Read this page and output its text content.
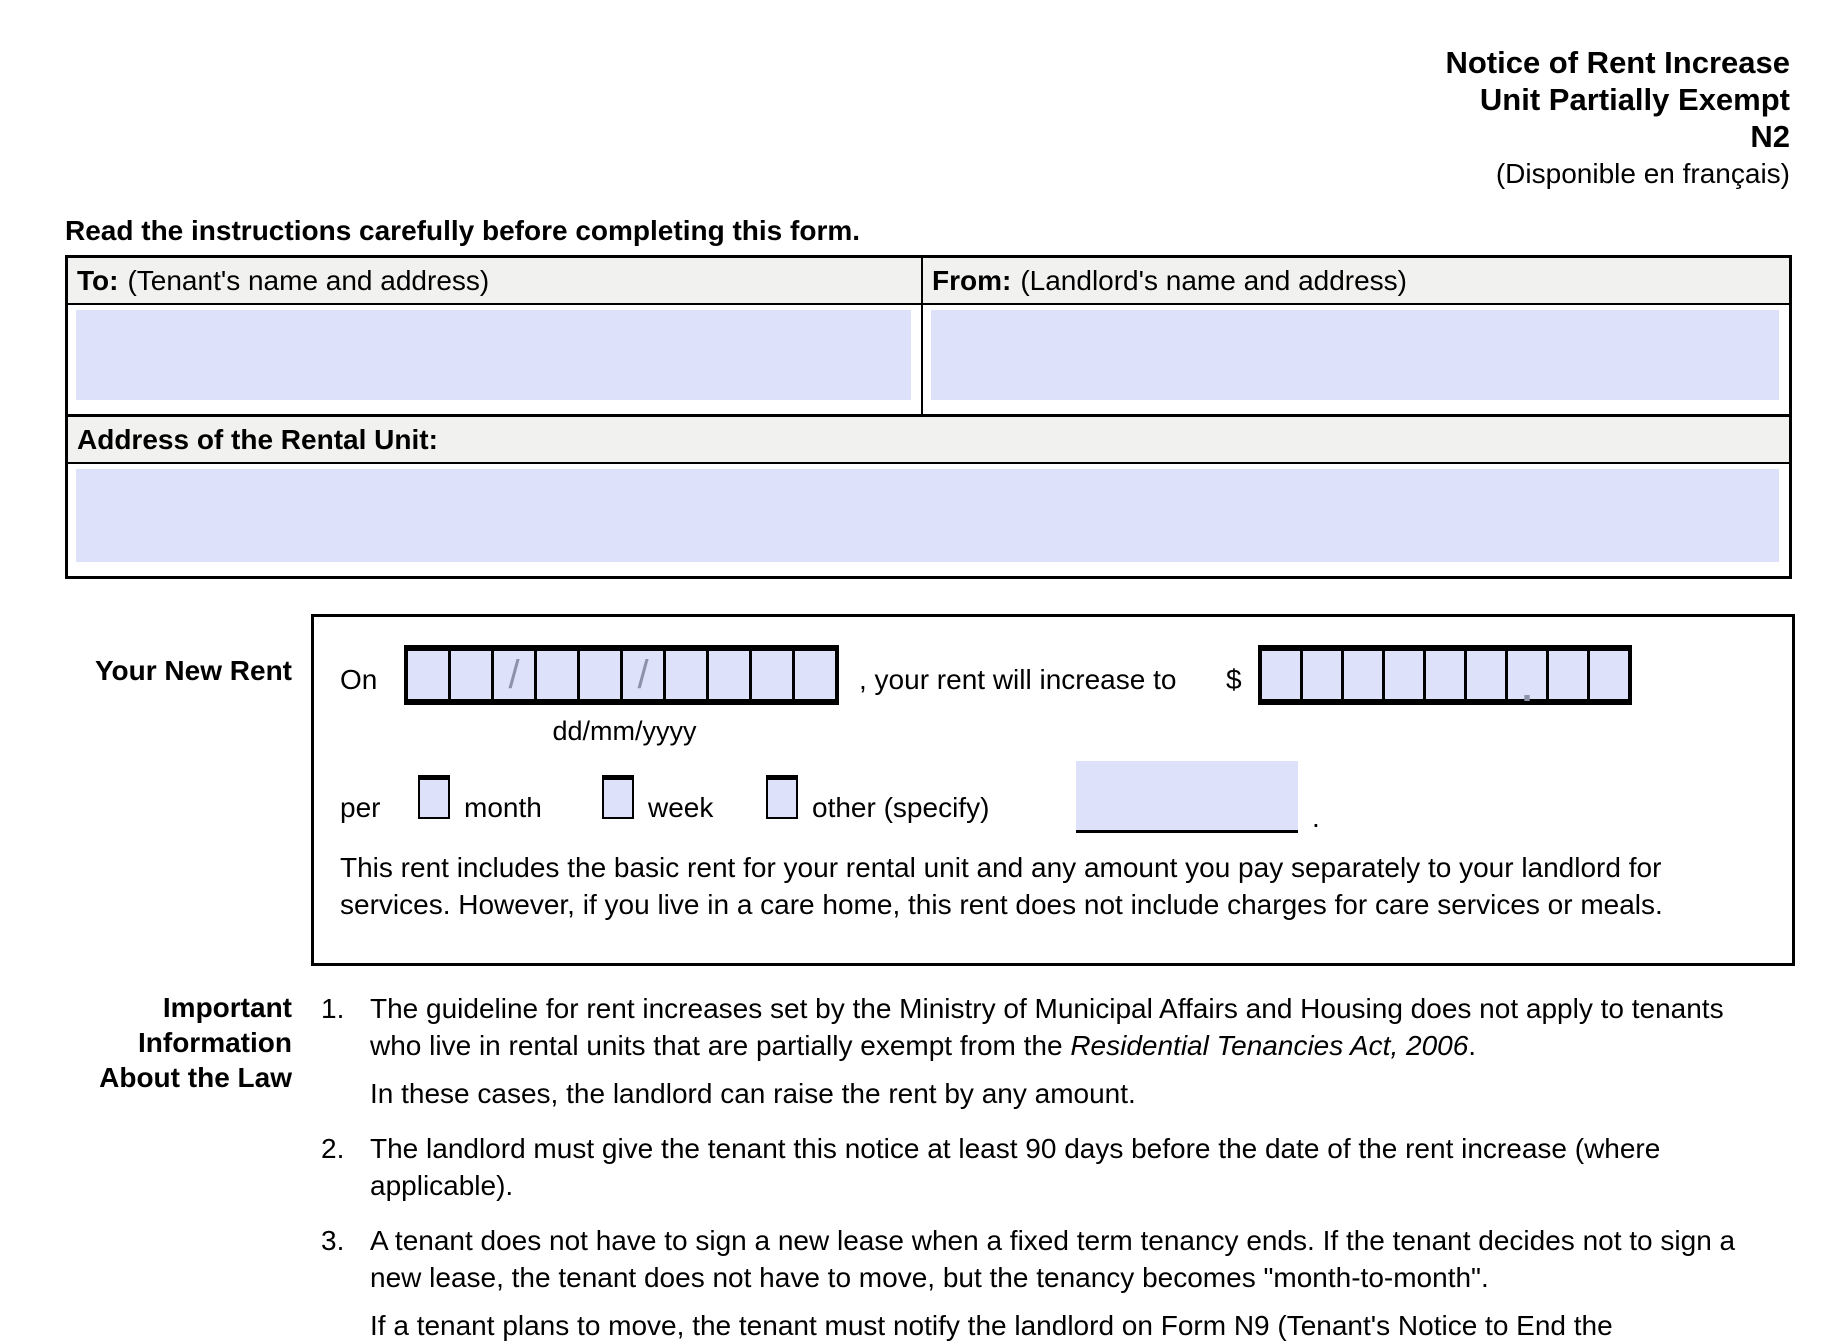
Notice of Rent Increase
Unit Partially Exempt
N2
(Disponible en français)
Read the instructions carefully before completing this form.
To: (Tenant's name and address)	From: (Landlord's name and address)
Address of the Rental Unit:
Your New Rent On	/	/
dd/mm/yyyy
, your rent will increase to $	.
per	month	week	other (specify)	.
This rent includes the basic rent for your rental unit and any amount you pay separately to your landlord for services. However, if you live in a care home, this rent does not include charges for care services or meals.
Important
Information
About the Law
1. The guideline for rent increases set by the Ministry of Municipal Affairs and Housing does not apply to tenants who live in rental units that are partially exempt from the Residential Tenancies Act, 2006.
In these cases, the landlord can raise the rent by any amount.
2. The landlord must give the tenant this notice at least 90 days before the date of the rent increase (where applicable).
3. A tenant does not have to sign a new lease when a fixed term tenancy ends. If the tenant decides not to sign a new lease, the tenant does not have to move, but the tenancy becomes "month-to-month".
If a tenant plans to move, the tenant must notify the landlord on Form N9 (Tenant's Notice to End the
